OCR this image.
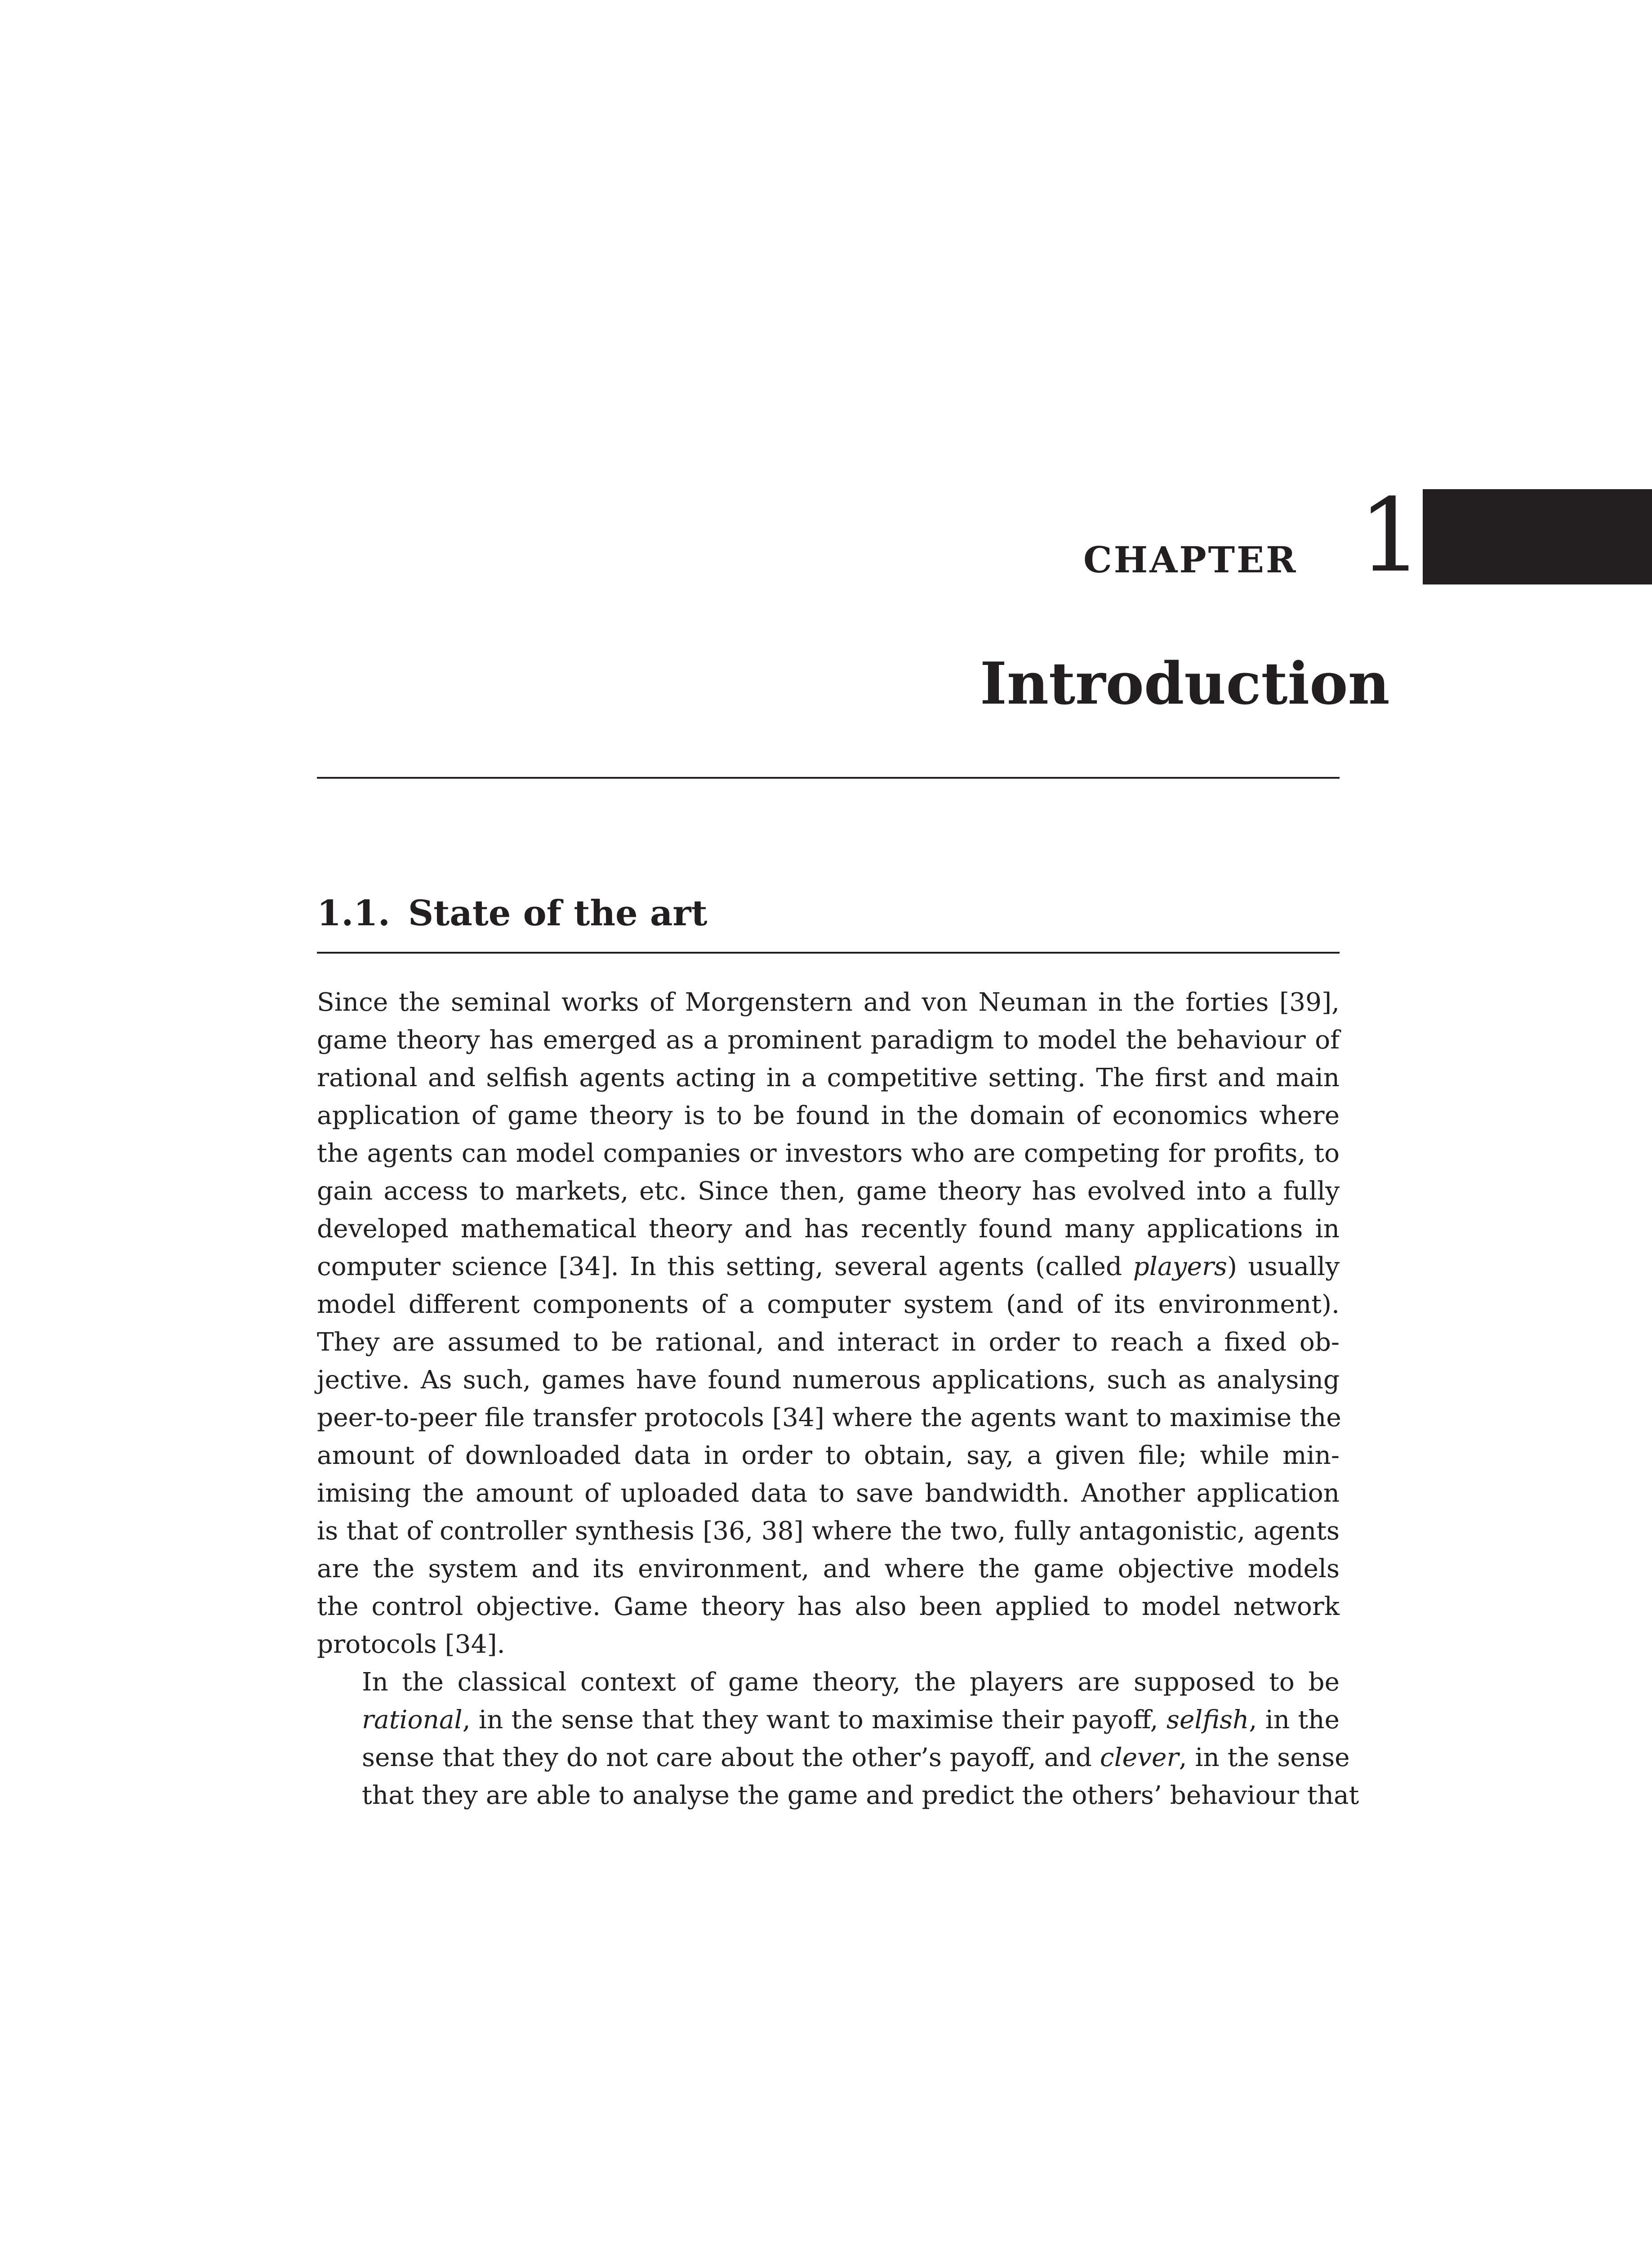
CHAPTER 1
Introduction
1.1. State of the art
Since the seminal works of Morgenstern and von Neuman in the forties [39],
game theory has emerged as a prominent paradigm to model the behaviour of
rational and selfish agents acting in a competitive setting. The first and main
application of game theory is to be found in the domain of economics where
the agents can model companies or investors who are competing for profits, to
gain access to markets, etc. Since then, game theory has evolved into a fully
developed mathematical theory and has recently found many applications in
computer science [34]. In this setting, several agents (called players) usually
model different components of a computer system (and of its environment).
They are assumed to be rational, and interact in order to reach a fixed ob-
jective. As such, games have found numerous applications, such as analysing
peer-to-peer file transfer protocols [34] where the agents want to maximise the
amount of downloaded data in order to obtain, say, a given file; while min-
imising the amount of uploaded data to save bandwidth. Another application
is that of controller synthesis [36, 38] where the two, fully antagonistic, agents
are the system and its environment, and where the game objective models
the control objective. Game theory has also been applied to model network
protocols [34].
In the classical context of game theory, the players are supposed to be
rational, in the sense that they want to maximise their payoff, selfish, in the
sense that they do not care about the other’s payoff, and clever, in the sense
that they are able to analyse the game and predict the others’ behaviour that
